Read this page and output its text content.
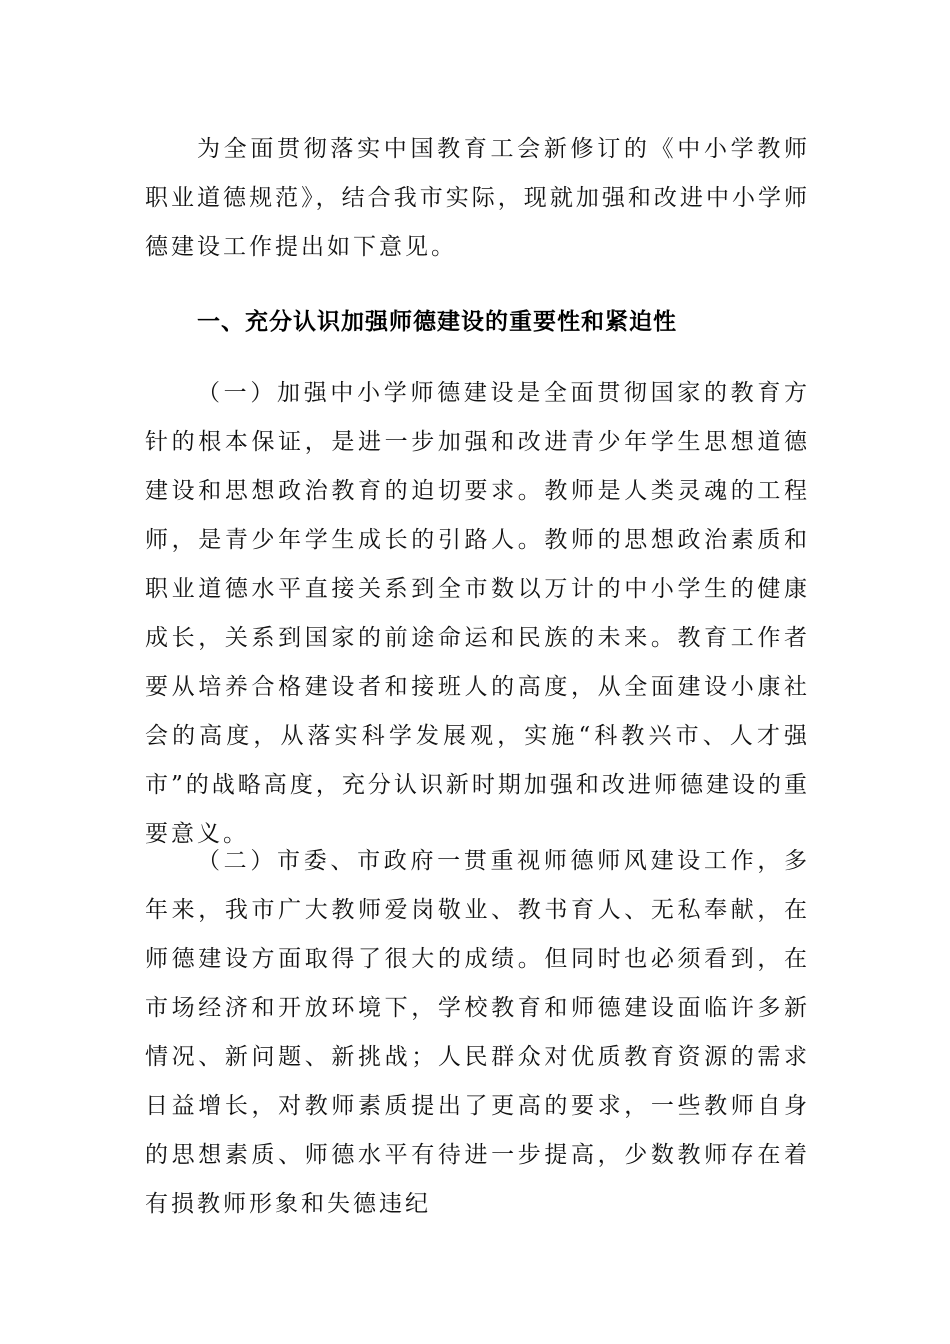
为全面贯彻落实中国教育工会新修订的《中小学教师职业道德规范》，结合我市实际，现就加强和改进中小学师德建设工作提出如下意见。

一、充分认识加强师德建设的重要性和紧迫性

（一）加强中小学师德建设是全面贯彻国家的教育方针的根本保证，是进一步加强和改进青少年学生思想道德建设和思想政治教育的迫切要求。教师是人类灵魂的工程师，是青少年学生成长的引路人。教师的思想政治素质和职业道德水平直接关系到全市数以万计的中小学生的健康成长，关系到国家的前途命运和民族的未来。教育工作者要从培养合格建设者和接班人的高度，从全面建设小康社会的高度，从落实科学发展观，实施“科教兴市、人才强市”的战略高度，充分认识新时期加强和改进师德建设的重要意义。

（二）市委、市政府一贯重视师德师风建设工作，多年来，我市广大教师爱岗敬业、教书育人、无私奉献，在师德建设方面取得了很大的成绩。但同时也必须看到，在市场经济和开放环境下，学校教育和师德建设面临许多新情况、新问题、新挑战；人民群众对优质教育资源的需求日益增长，对教师素质提出了更高的要求，一些教师自身的思想素质、师德水平有待进一步提高，少数教师存在着有损教师形象和失德违纪
